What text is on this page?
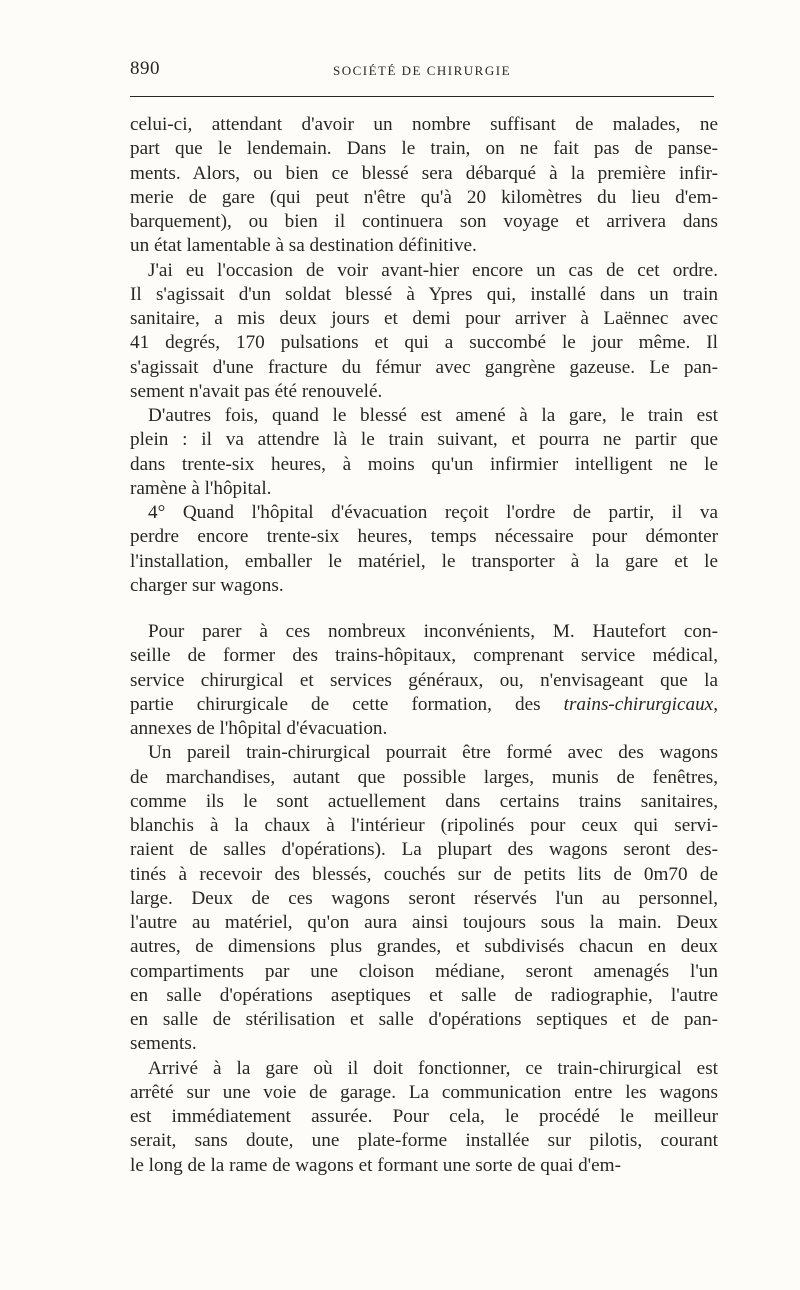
890	SOCIÉTÉ DE CHIRURGIE
celui-ci, attendant d'avoir un nombre suffisant de malades, ne
part que le lendemain. Dans le train, on ne fait pas de panse-
ments. Alors, ou bien ce blessé sera débarqué à la première infir-
merie de gare (qui peut n'être qu'à 20 kilomètres du lieu d'em-
barquement), ou bien il continuera son voyage et arrivera dans
un état lamentable à sa destination définitive.
J'ai eu l'occasion de voir avant-hier encore un cas de cet ordre.
Il s'agissait d'un soldat blessé à Ypres qui, installé dans un train
sanitaire, a mis deux jours et demi pour arriver à Laënnec avec
41 degrés, 170 pulsations et qui a succombé le jour même. Il
s'agissait d'une fracture du fémur avec gangrène gazeuse. Le pan-
sement n'avait pas été renouvelé.
D'autres fois, quand le blessé est amené à la gare, le train est
plein : il va attendre là le train suivant, et pourra ne partir que
dans trente-six heures, à moins qu'un infirmier intelligent ne le
ramène à l'hôpital.
4° Quand l'hôpital d'évacuation reçoit l'ordre de partir, il va
perdre encore trente-six heures, temps nécessaire pour démonter
l'installation, emballer le matériel, le transporter à la gare et le
charger sur wagons.
Pour parer à ces nombreux inconvénients, M. Hautefort con-
seille de former des trains-hôpitaux, comprenant service médical,
service chirurgical et services généraux, ou, n'envisageant que la
partie chirurgicale de cette formation, des trains-chirurgicaux,
annexes de l'hôpital d'évacuation.
Un pareil train-chirurgical pourrait être formé avec des wagons
de marchandises, autant que possible larges, munis de fenêtres,
comme ils le sont actuellement dans certains trains sanitaires,
blanchis à la chaux à l'intérieur (ripolinés pour ceux qui servi-
raient de salles d'opérations). La plupart des wagons seront des-
tinés à recevoir des blessés, couchés sur de petits lits de 0m70 de
large. Deux de ces wagons seront réservés l'un au personnel,
l'autre au matériel, qu'on aura ainsi toujours sous la main. Deux
autres, de dimensions plus grandes, et subdivisés chacun en deux
compartiments par une cloison médiane, seront amenagés l'un
en salle d'opérations aseptiques et salle de radiographie, l'autre
en salle de stérilisation et salle d'opérations septiques et de pan-
sements.
Arrivé à la gare où il doit fonctionner, ce train-chirurgical est
arrêté sur une voie de garage. La communication entre les wagons
est immédiatement assurée. Pour cela, le procédé le meilleur
serait, sans doute, une plate-forme installée sur pilotis, courant
le long de la rame de wagons et formant une sorte de quai d'em-
